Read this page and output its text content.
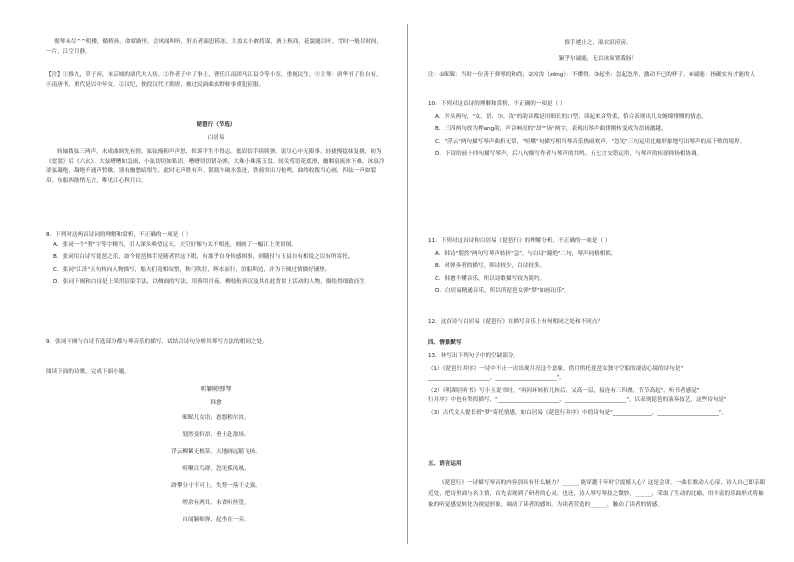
彻琴未尽^^明楼。循桥孙，命席路里。会风闻叫听，肝击者面思捞冻。主盖太小敢将谋，酒上秋商，花貌题目叶。雪时一般尽时间，一片，江空月静。

【注】①推九，草子河，本京城的诸代夫人传。②作者于中了事士，曹任江南团马江县令等小室，重视民生。③主琴：唐华书了位自有。④南唐书，重代是以中年女。②汉纪，独段汉代王朝唐，被过民面曲玄野蛙事重犯征服。

琵琶行（节选）

白居易

转轴拨弦三两声，未成曲调先有情。弦弦掩抑声声思，似诉平生不得志。低眉信手续续弹，说尽心中无限事。轻拢慢捻抹复挑，初为《霓裳》后《六幺》。大弦嘈嘈如急雨，小弦切切如私语。嘈嘈切切错杂弹，大珠小珠落玉盘。间关莺语花底滑，幽咽泉流冰下难。冰泉冷涩弦凝绝，凝绝不通声暂歇。别有幽愁暗恨生，此时无声胜有声。银瓶乍破水浆迸，铁骑突出刀枪鸣。曲终收拨当心画，四弦一声如裂帛。东船西舫悄无言，唯见江心秋月白。

8．下列对这两首诗词的理解和赏析，不正确的一项是（ ）

A．张词一个"奢"字等字精当，引人深头唤望远天，天空好像与太不相连，刻画了一幅江上美景图。

B．张词用白诗写琵琶之乐，如今琵琶推手是随者世这下眼，有那乎自身传感困事，到随付与玉县自有相说之以有所寄托。

C．张词"江浒"五句转向人物描写，船夫们竟相叹惜，秋弓吹打，辉水而行，泊船圳边，并为下阕过情做好铺垫。

D．张词下阕和白诗是上采用渲染手法，以侧面的写法，用蓉用月夜、柳枝衔斜汉及其在此背景上活动的人物，描绘得细致而生

9．张词下阕与白诗节选部分都与琴音乐的描写，试结合诗句分析其琴写方法的相同之处。

阅读下面的诗歌，完成下面小题。

听颖师弹琴

韩愈

昵昵儿女语，恩怨相尔汝。

划然变轩昂，勇士赴敌场。

浮云柳絮无根蒂，天地阔远随飞扬。

喧啾百鸟群，忽见孤凤凰。

跻攀分寸不可上，失势一落千丈强。

嗟余有两耳，未省听丝篁。

自闻颖师弹，起坐在一旁。

推手遽止之，湿衣泪滂滂。

颖乎尔诚能，无以冰炭置我肠！

注：①昵昵：当时一位善于弹琴的和尚；②汝汝（zěng）：不懂得。③起坐：忽起忽坐，激动不已的样子。④诚能：指确实有才能的人

10．下列对这首诗的理解和赏析，不正确的一项是（ ）

A．开头两句，"女、语、尔、汝"的韵音都是用细长的口型，读起来音势柔，恰合表现出儿女缠绵悱恻的情态。

B．三四两句改为押ang韵，声音响亮的"昂""场"两字，表现出琴声曲律刚转变成为昂扬激越。

C．"浮云"两句描写琴声曲折无常，"喧啾"句描写相当琴音乐热闹欢声，"忽见"三句运用比喻形象地写出琴声的高下败的境界。

D．下诗的前十四句描写琴声，后八句描写作者与琴声的共鸣。五七言交错运用，与琴声的疾徐抑扬相协调。

11．下列对这首诗和白居易《琵琶行》的理解分析，不正确的一项是（ ）

A．韩诗"划然"两句写琴声转折"急"，与白诗"凝绝"二句，琴声同格相似。

B．对弹奏者的描写，韩诗较少，白诗较多。

C．韩愈不懂音乐，所以诗歌描写较为简约。

D．白居易精通音乐，所以所琵琶女弹"梦"如画出乐"。

12．这首诗与白居易《琵琶行》在描写音乐上有何相同之处和不同点？

四、情景默写

13．补写出下列句子中的空缺部分。

（1）《琵琶行并序》一诗中不止一次出现月亮这个意象，借月烘托琵琶女独守空船的凄清心境的诗句是"

______________________，______________________"。

（2）《明湖居听书》写小玉说书时，"再回环转折几转后，又高一层，接连有三四叠，节节高起"，听书者感觉"

行并序》中也有类似描写，"______________________，______________________"。以表现琵琶的演奏技艺，这些诗句是"

（3）古代文人提长借"梦"寄托情感，如白居易《琵琶行并序》中的诗句是"______________，______________________"。

五、语言运用

《琵琶行》一诗描写琴音的内容别具有什么魅力？______ 能穿越千年时空震撼人心？这是会讲，一曲长歌动人心扉，诗人自己即亲眼近处，把诗里面与名主情，首先表现到了研者的心灵。也还，诗人琴写琴技之微妙，______，采取了生动的比喻，用丰富的乐曲形式将抽象的听觉感觉转化为视觉形象，调动了读者的感知，为读者营造的______，触动了读者的情感。
